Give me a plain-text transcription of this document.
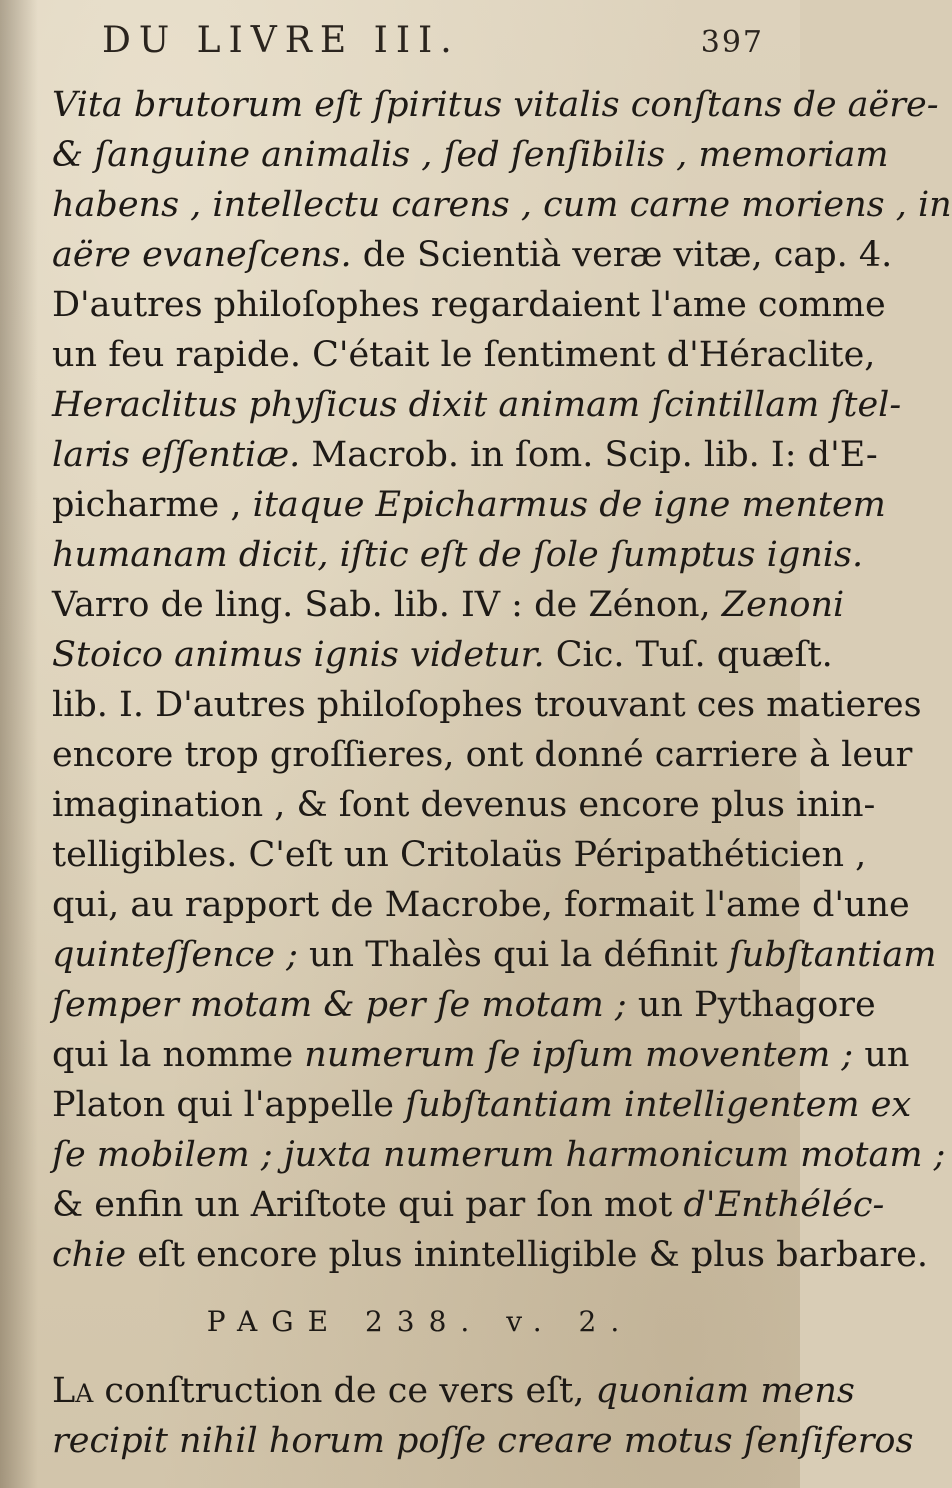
DU LIVRE III.	397
Vita brutorum eſt ſpiritus vitalis conſtans de aëre-
& ſanguine animalis , ſed ſenſibilis , memoriam
habens , intellectu carens , cum carne moriens , in
aëre evaneſcens. de Scientià veræ vitæ, cap. 4.
D'autres philoſophes regardaient l'ame comme
un feu rapide. C'était le ſentiment d'Héraclite,
Heraclitus phyſicus dixit animam ſcintillam ſtel-
laris eſſentiæ. Macrob. in ſom. Scip. lib. I: d'E-
picharme , itaque Epicharmus de igne mentem
humanam dicit, iſtic eſt de ſole ſumptus ignis.
Varro de ling. Sab. lib. IV : de Zénon, Zenoni
Stoico animus ignis videtur. Cic. Tuſ. quæſt.
lib. I. D'autres philoſophes trouvant ces matieres
encore trop groſſieres, ont donné carriere à leur
imagination , & ſont devenus encore plus inin-
telligibles. C'eſt un Critolaüs Péripathéticien ,
qui, au rapport de Macrobe, formait l'ame d'une
quinteſſence ; un Thalès qui la définit ſubſtantiam
ſemper motam & per ſe motam ; un Pythagore
qui la nomme numerum ſe ipſum moventem ; un
Platon qui l'appelle ſubſtantiam intelligentem ex
ſe mobilem ; juxta numerum harmonicum motam ;
& enfin un Ariſtote qui par ſon mot d'Enthéléc-
chie eſt encore plus inintelligible & plus barbare.
PAGE 238. v. 2.
La conſtruction de ce vers eſt, quoniam mens
recipit nihil horum poſſe creare motus ſenſiferos
